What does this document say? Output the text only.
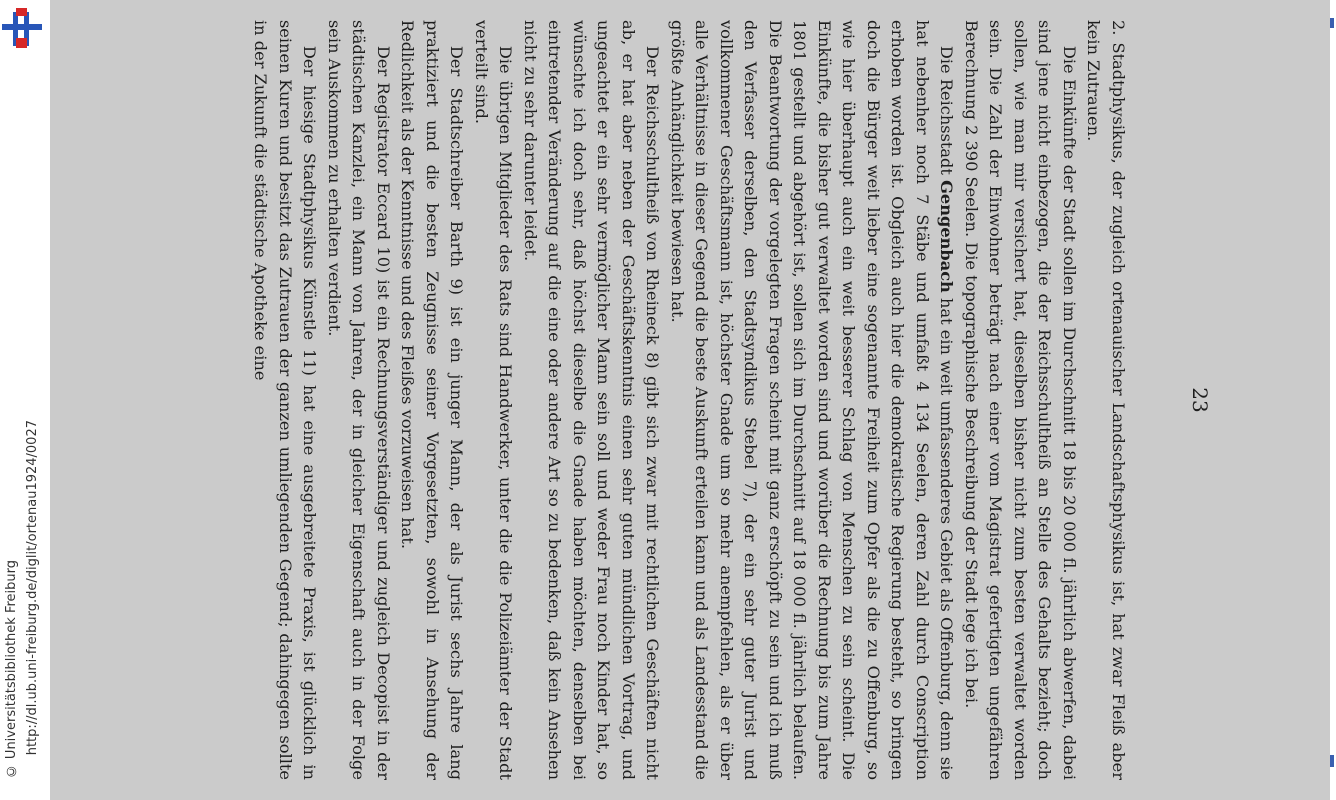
http://dl.ub.uni-freiburg.de/diglit/ortenau1924/0027
© Universitätsbibliothek Freiburg
23

2. Stadtphysikus, der zugleich ortenauischer Landschaftsphysikus ist, hat zwar Fleiß aber kein Zutrauen.

Die Einkünfte der Stadt sollen im Durchschnitt 18 bis 20 000 fl. jährlich abwerfen, dabei sind jene nicht einbezogen, die der Reichsschultheiß an Stelle des Gehalts bezieht; doch sollen, wie man mir versichert hat, dieselben bisher nicht zum besten verwaltet worden sein. Die Zahl der Einwohner beträgt nach einer vom Magistrat gefertigten ungefähren Berechnung 2 390 Seelen. Die topographische Beschreibung der Stadt lege ich bei.

Die Reichsstadt Gengenbach hat ein weit umfassenderes Gebiet als Offenburg, denn sie hat nebenher noch 7 Stäbe und umfaßt 4 134 Seelen, deren Zahl durch Conscription erhoben worden ist. Obgleich auch hier die demokratische Regierung besteht, so bringen doch die Bürger weit lieber eine sogenannte Freiheit zum Opfer als die zu Offenburg, so wie hier überhaupt auch ein weit besserer Schlag von Menschen zu sein scheint. Die Einkünfte, die bisher gut verwaltet worden sind und worüber die Rechnung bis zum Jahre 1801 gestellt und abgehört ist, sollen sich im Durchschnitt auf 18 000 fl. jährlich belaufen. Die Beantwortung der vorgelegten Fragen scheint mit ganz erschöpft zu sein und ich muß den Verfasser derselben, den Stadtsyndikus Stebel 7), der ein sehr guter Jurist und vollkommener Geschäftsmann ist, höchster Gnade um so mehr anempfehlen, als er über alle Verhältnisse in dieser Gegend die beste Auskunft erteilen kann und als Landesstand die größte Anhänglichkeit bewiesen hat.

Der Reichsschultheiß von Rheineck 8) gibt sich zwar mit rechtlichen Geschäften nicht ab, er hat aber neben der Geschäftskenntnis einen sehr guten mündlichen Vortrag, und ungeachtet er ein sehr vermöglicher Mann sein soll und weder Frau noch Kinder hat, so wünschte ich doch sehr, daß höchst dieselbe die Gnade haben möchten, denselben bei eintretender Veränderung auf die eine oder andere Art so zu bedenken, daß kein Ansehen nicht zu sehr darunter leidet.

Die übrigen Mitglieder des Rats sind Handwerker, unter die die Polizeiämter der Stadt verteilt sind.

Der Stadtschreiber Barth 9) ist ein junger Mann, der als Jurist sechs Jahre lang praktiziert und die besten Zeugnisse seiner Vorgesetzten, sowohl in Ansehung der Redlichkeit als der Kenntnisse und des Fleißes vorzuweisen hat.

Der Registrator Eccard 10) ist ein Rechnungsverständiger und zugleich Decopist in der städtischen Kanzlei, ein Mann von Jahren, der in gleicher Eigenschaft auch in der Folge sein Auskommen zu erhalten verdient.

Der hiesige Stadtphysikus Künstle 11) hat eine ausgebreitete Praxis, ist glücklich in seinen Kuren und besitzt das Zutrauen der ganzen umliegenden Gegend; dahingegen sollte in der Zukunft die städtische Apotheke eine
